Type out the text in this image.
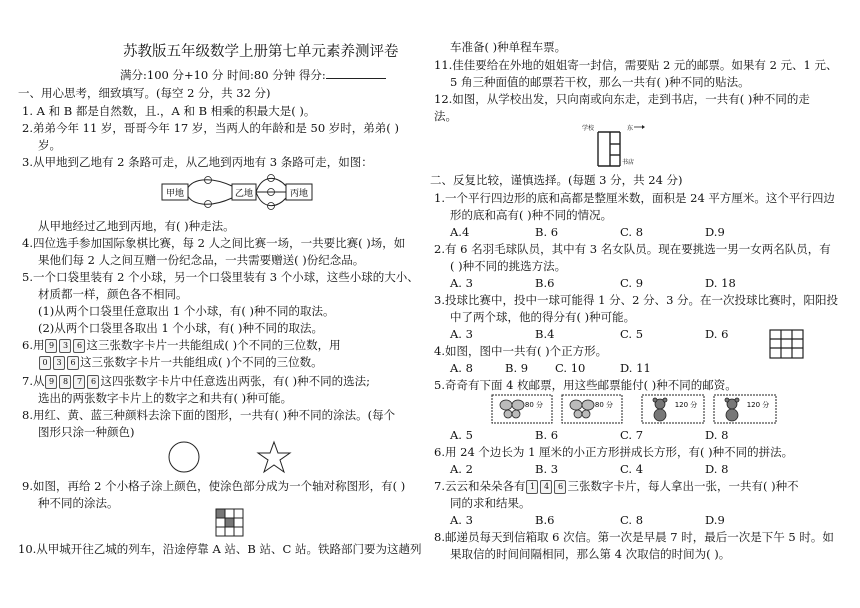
苏教版五年级数学上册第七单元素养测评卷
满分:100 分+10 分 时间:80 分钟 得分:
一、用心思考，细致填写。(每空 2 分，共 32 分)
1. A 和 B 都是自然数，且.，A 和 B 相乘的积最大是( )。
2.弟弟今年 11 岁，哥哥今年 17 岁，当两人的年龄和是 50 岁时，弟弟( )
岁。
3.从甲地到乙地有 2 条路可走，从乙地到丙地有 3 条路可走，如图：
甲地	乙地	丙地
从甲地经过乙地到丙地，有( )种走法。
4.四位选手参加国际象棋比赛，每 2 人之间比赛一场，一共要比赛( )场，如
果他们每 2 人之间互赠一份纪念品，一共需要赠送( )份纪念品。
5.一个口袋里装有 2 个小球，另一个口袋里装有 3 个小球，这些小球的大小、
材质都一样，颜色各不相同。
(1)从两个口袋里任意取出 1 个小球，有( )种不同的取法。
(2)从两个口袋里各取出 1 个小球，有( )种不同的取法。
6.用 9 3 6 这三张数字卡片一共能组成( )个不同的三位数，用
0 3 6 这三张数字卡片一共能组成( )个不同的三位数。
7.从 9 8 7 6 这四张数字卡片中任意选出两张，有( )种不同的选法;
选出的两张数字卡片上的数字之和共有( )种可能。
8.用红、黄、蓝三种颜料去涂下面的图形，一共有( )种不同的涂法。(每个
图形只涂一种颜色)
9.如图，再给 2 个小格子涂上颜色，使涂色部分成为一个轴对称图形，有( )
种不同的涂法。
10.从甲城开往乙城的列车，沿途停靠 A 站、B 站、C 站。铁路部门要为这趟列
车准备( )种单程车票。
11.佳佳要给在外地的姐姐寄一封信，需要贴 2 元的邮票。如果有 2 元、1 元、
5 角三种面值的邮票若干枚，那么一共有( )种不同的贴法。
12.如图，从学校出发，只向南或向东走，走到书店，一共有( )种不同的走
法。
学校	东
书店
二、反复比较，谨慎选择。(每题 3 分，共 24 分)
1.一个平行四边形的底和高都是整厘米数，面积是 24 平方厘米。这个平行四边
形的底和高有( )种不同的情况。
A.4	B. 6	C. 8	D.9
2.有 6 名羽毛球队员，其中有 3 名女队员。现在要挑选一男一女两名队员，有
( )种不同的挑选方法。
A. 3	B.6	C. 9	D. 18
3.投球比赛中，投中一球可能得 1 分、2 分、3 分。在一次投球比赛时，阳阳投
中了两个球，他的得分有( )种可能。
A. 3	B.4	C. 5	D. 6
4.如图，图中一共有( )个正方形。
A. 8	B. 9 C. 10	D. 11
5.奇奇有下面 4 枚邮票，用这些邮票能付( )种不同的邮资。
80 分	80 分	120 分	120 分
A. 5	B. 6	C. 7	D. 8
6.用 24 个边长为 1 厘米的小正方形拼成长方形，有( )种不同的拼法。
A. 2	B. 3	C. 4	D. 8
7.云云和朵朵各有 1 4 6 三张数字卡片，每人拿出一张，一共有( )种不
同的求和结果。
A. 3	B.6	C. 8	D.9
8.邮递员每天到信箱取 6 次信。第一次是早晨 7 时，最后一次是下午 5 时。如
果取信的时间间隔相同，那么第 4 次取信的时间为( )。
